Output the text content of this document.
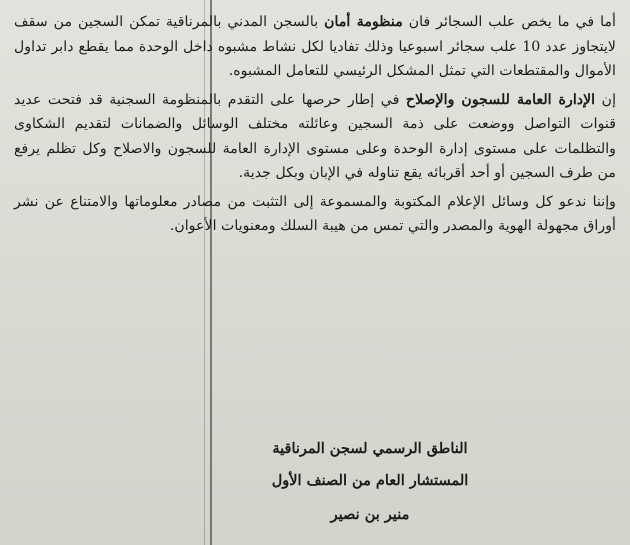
أما في ما يخص علب السجائر فان منظومة أمان بالسجن المدني بالمرناقية تمكن السجين من سقف لايتجاوز عدد 10 علب سجائر اسبوعيا وذلك تفاديا لكل نشاط مشبوه داخل الوحدة مما يقطع دابر تداول الأموال والمقتطعات التي تمثل المشكل الرئيسي للتعامل المشبوه.

إن الإدارة العامة للسجون والإصلاح في إطار حرصها على التقدم بالمنظومة السجنية قد فتحت عديد قنوات التواصل ووضعت على ذمة السجين وعائلته مختلف الوسائل والضمانات لتقديم الشكاوى والتظلمات على مستوى إدارة الوحدة وعلى مستوى الإدارة العامة للسجون والاصلاح وكل تظلم يرفع من طرف السجين أو أحد أقربائه يقع تناوله في الإبان وبكل جدية.

وإننا ندعو كل وسائل الإعلام المكتوبة والمسموعة إلى التثبت من مصادر معلوماتها والامتناع عن نشر أوراق مجهولة الهوية والمصدر والتي تمس من هيبة السلك ومعنويات الأعوان.

الناطق الرسمي لسجن المرناقية
المستشار العام من الصنف الأول
منير بن نصير
